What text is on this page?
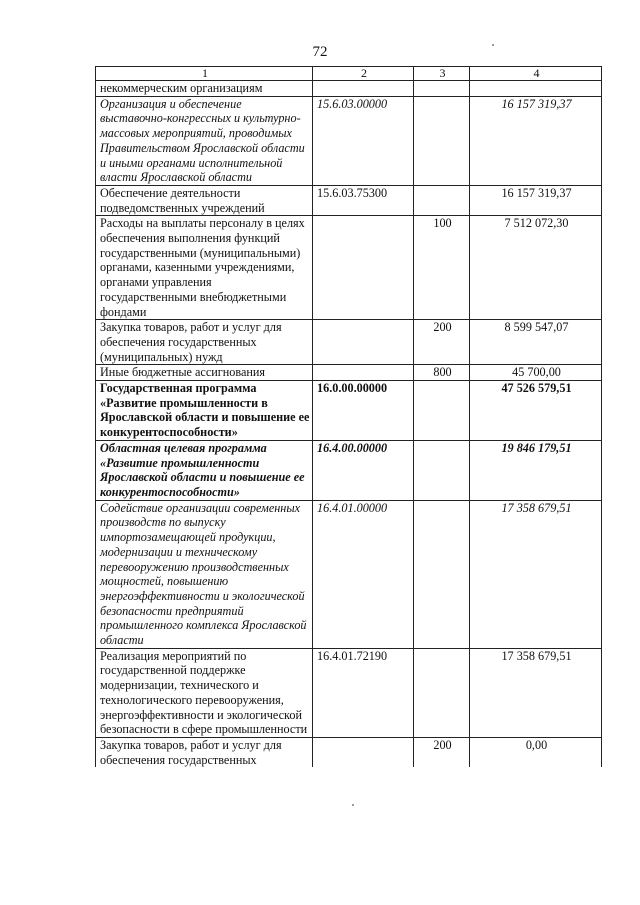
72
1	2	3	4
некоммерческим организациям			
Организация и обеспечение выставочно-конгрессных и культурно-массовых мероприятий, проводимых Правительством Ярославской области и иными органами исполнительной власти Ярославской области	15.6.03.00000		16 157 319,37
Обеспечение деятельности подведомственных учреждений	15.6.03.75300		16 157 319,37
Расходы на выплаты персоналу в целях обеспечения выполнения функций государственными (муниципальными) органами, казенными учреждениями, органами управления государственными внебюджетными фондами		100	7 512 072,30
Закупка товаров, работ и услуг для обеспечения государственных (муниципальных) нужд		200	8 599 547,07
Иные бюджетные ассигнования		800	45 700,00
Государственная программа «Развитие промышленности в Ярославской области и повышение ее конкурентоспособности»	16.0.00.00000		47 526 579,51
Областная целевая программа «Развитие промышленности Ярославской области и повышение ее конкурентоспособности»	16.4.00.00000		19 846 179,51
Содействие организации современных производств по выпуску импортозамещающей продукции, модернизации и техническому перевооружению производственных мощностей, повышению энергоэффективности и экологической безопасности предприятий промышленного комплекса Ярославской области	16.4.01.00000		17 358 679,51
Реализация мероприятий по государственной поддержке модернизации, технического и технологического перевооружения, энергоэффективности и экологической безопасности в сфере промышленности	16.4.01.72190		17 358 679,51
Закупка товаров, работ и услуг для обеспечения государственных		200	0,00
